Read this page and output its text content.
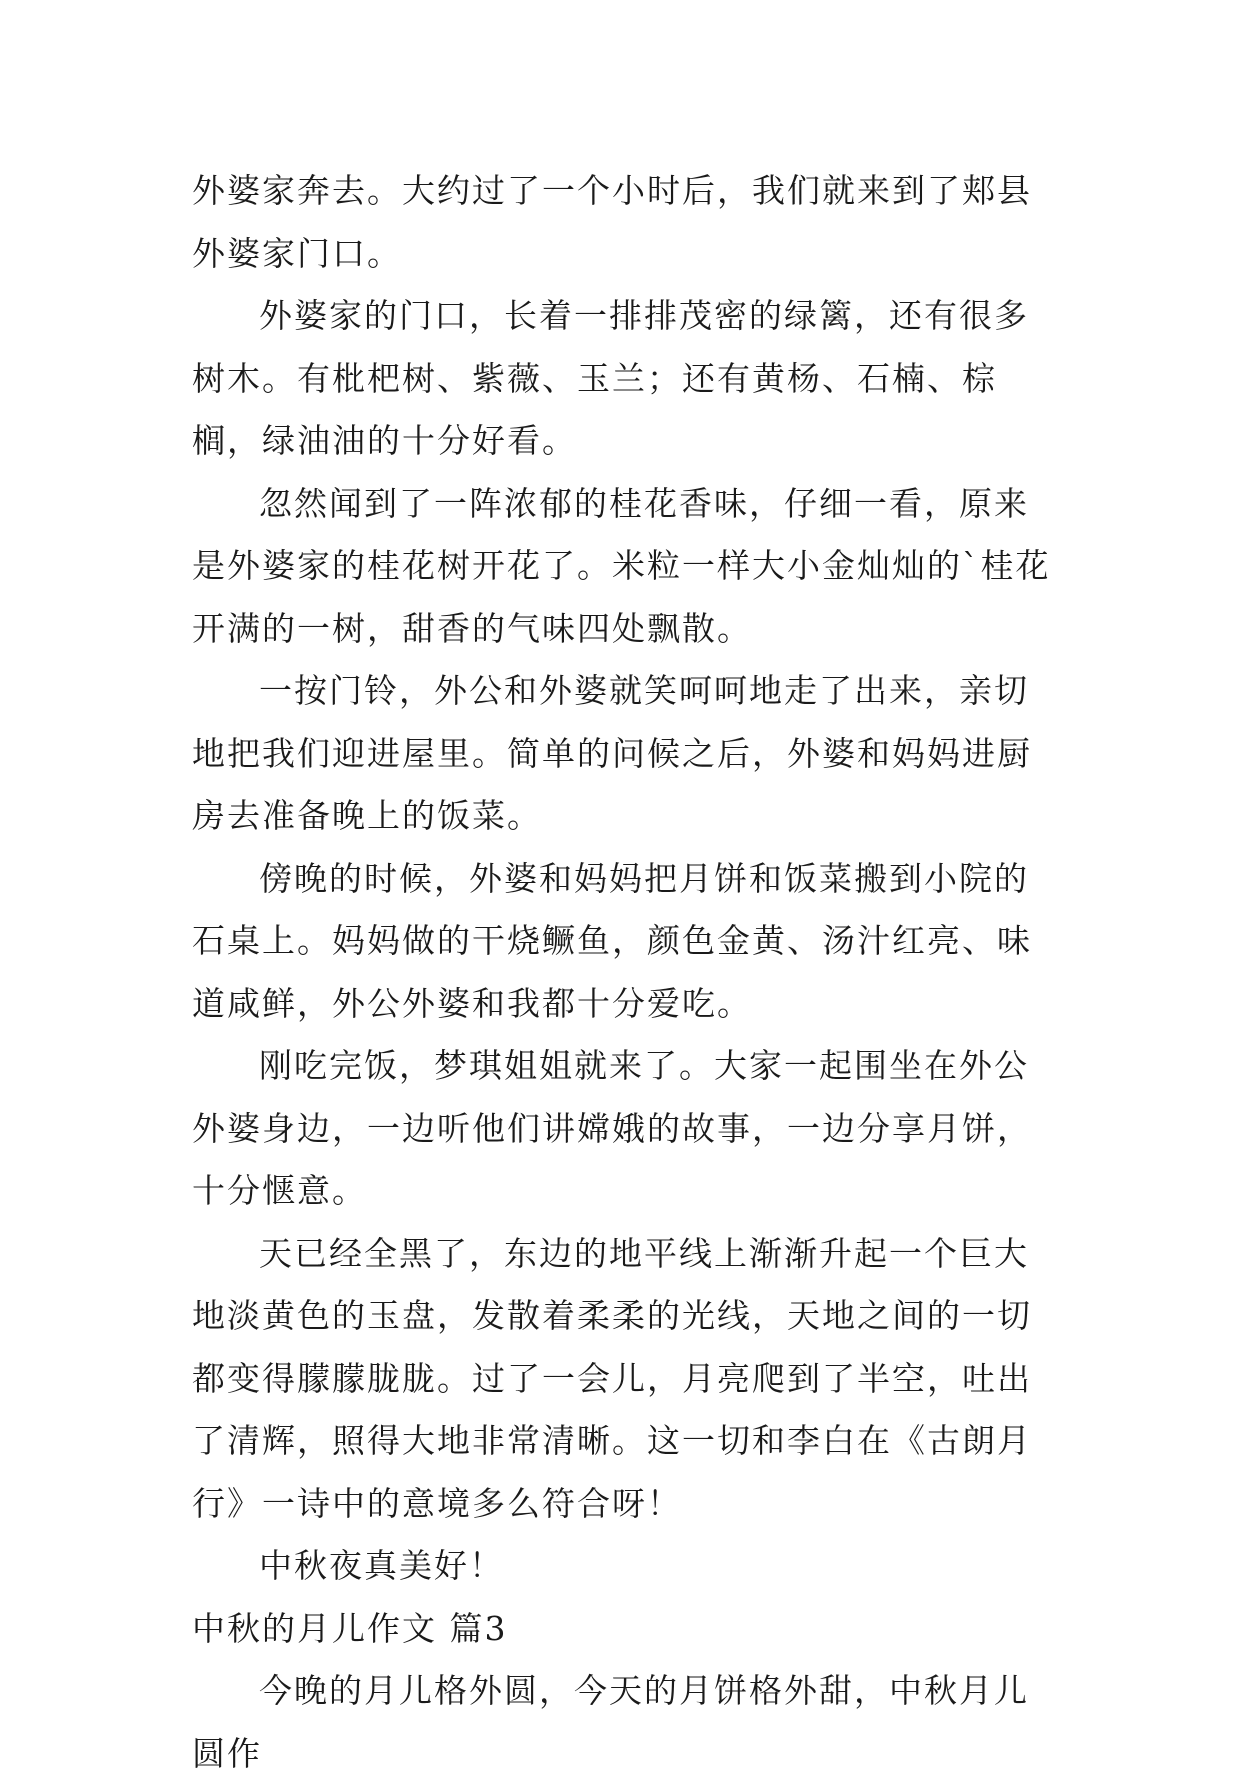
外婆家奔去。大约过了一个小时后，我们就来到了郏县外婆家门口。

外婆家的门口，长着一排排茂密的绿篱，还有很多树木。有枇杷树、紫薇、玉兰；还有黄杨、石楠、棕榈，绿油油的十分好看。

忽然闻到了一阵浓郁的桂花香味，仔细一看，原来是外婆家的桂花树开花了。米粒一样大小金灿灿的`桂花开满的一树，甜香的气味四处飘散。

一按门铃，外公和外婆就笑呵呵地走了出来，亲切地把我们迎进屋里。简单的问候之后，外婆和妈妈进厨房去准备晚上的饭菜。

傍晚的时候，外婆和妈妈把月饼和饭菜搬到小院的石桌上。妈妈做的干烧鳜鱼，颜色金黄、汤汁红亮、味道咸鲜，外公外婆和我都十分爱吃。

刚吃完饭，梦琪姐姐就来了。大家一起围坐在外公外婆身边，一边听他们讲嫦娥的故事，一边分享月饼，十分惬意。

天已经全黑了，东边的地平线上渐渐升起一个巨大地淡黄色的玉盘，发散着柔柔的光线，天地之间的一切都变得朦朦胧胧。过了一会儿，月亮爬到了半空，吐出了清辉，照得大地非常清晰。这一切和李白在《古朗月行》一诗中的意境多么符合呀！

中秋夜真美好！

中秋的月儿作文 篇3

今晚的月儿格外圆，今天的月饼格外甜，中秋月儿圆作
